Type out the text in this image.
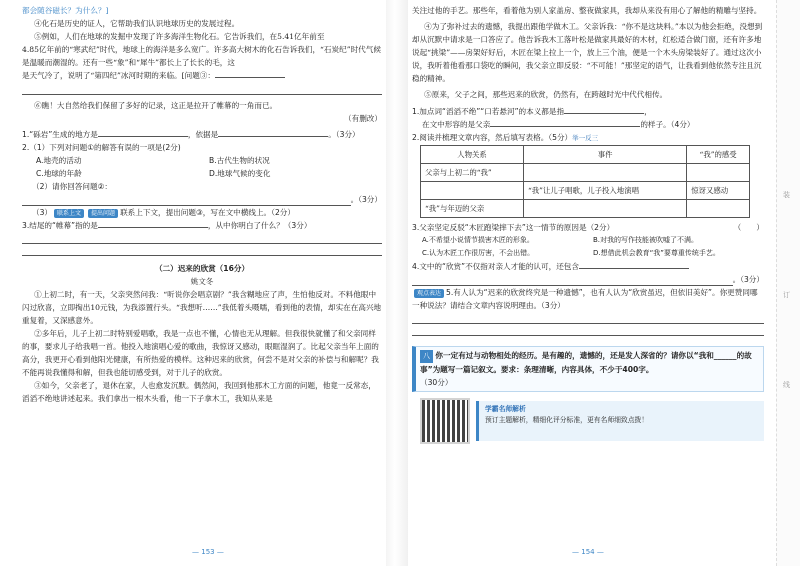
装
订
线

都会随谷磁长？为什么？]

④化石是历史的证人，它帮助我们认识地球历史的发展过程。

⑤例如，人们在地球的发掘中发现了许多海洋生物化石。它告诉我们，在5.41亿年前至

4.85亿年前的“寒武纪”时代，地球上的海洋是多么宽广。许多高大树木的化石告诉我们，“石炭纪”时代气候是温暖而潮湿的。还有一些“象”和“犀牛”都长上了长长的毛，这

是天气冷了，说明了“第四纪”冰河时期的来临。[问题③：

⑥瞧！大自然给我们保留了多好的记录，这正是拉开了帷幕的一角而已。

（有删改）

1.“砾岩”生成的地方是	，依据是	。（3分）

2.（1）下列对问题①的解答有误的一项是(2分)

A.地壳的活动	B.古代生物的状况
C.地球的年龄	D.地球气候的变化

（2）请你回答问题②：

。（3分）

（3） 联系上文 提出问题 联系上下文，提出问题③，写在文中横线上。（2分）

3.结尾的“帷幕”指的是	，从中你明白了什么？（3分）

（二）迟来的欣赏（16分）

姚文冬

①上初二时，有一天，父亲突然问我：“听说你会唱京剧？”我含糊地应了声，生怕他反对。不料他眼中闪过欣喜，立即掏出10元钱，为我添置行头。“我想听……”我低着头嗫嚅，看到他的表情，却实在在高兴地重复着，又深感意外。

②多年后，儿子上初二时特别爱唱歌，我是一点也不懂，心情也无从理解。但我很快就懂了和父亲同样的事，要求儿子给我唱一首。他投入地演唱心爱的歌曲，我惊讶又感动，眼眶湿润了。比起父亲当年上面的高分，我更开心看到他阳光健康，有所热爱的模样。这种迟来的欣赏，何尝不是对父亲的补偿与和解呢？我不能再说我懂得和解，但我也能切感受到，对于儿子的欣赏。

③如今，父亲老了，退休在家，人也愈发沉默。偶然间，我回到他那木工方面的问题，他竟一反常态，滔滔不绝地讲述起来。我们拿出一根木头看，他一下子拿木工，我知从来是

— 153 —

关注过他的手艺。那些年，看着他为别人家盖房、整夜做家具，我却从来没有用心了解他的精雕与坚持。

④为了弥补过去的遗憾，我提出跟他学做木工。父亲诉我：“你不是这块料。”本以为他会拒绝，没想到却从沉默中请求是一口答应了。他告诉我木工落叶松是做家具最好的木材，红松适合做门窗，还有许多地说起“挑梁”——房架好好后，木匠在梁上拉上一个，放上三个油，便是一个木头房梁装好了。通过这次小说，我听着他看那口袋吃的瞬间，我父亲立即反驳：“不可能！”那坚定的语气，让我看到他依然专注且沉稳的精神。

⑤原来，父子之间，那些迟来的欣赏，仍然有，在跨越时光中代代相传。

1.加点词“滔滔不绝”“口若悬河”的本义都是指	，

在文中形容的是父亲	的样子。（4分）

2.阅读并梳理文章内容，然后填写表格。（5分）举一反三

人物关系	事件	“我”的感受
父亲与上初二的“我”		
	“我”让儿子唱歌，儿子投入地演唱	惊讶又感动
“我”与年迈的父亲		

3.父亲坚定反驳“木匠跑梁摔下去”这一情节的原因是（2分）	（　　）

A.不希望小说情节损害木匠的形象。	B.对我的写作技能被吹嘘了不满。
C.认为木匠工作很厉害，不会出错。	D.想借此机会教育“我”要尊重传统手艺。

4.文中的“欣赏”不仅指对亲人才能的认可，还包含

。（3分）

观点表达 5.有人认为“迟来的欣赏终究是一种遗憾”，也有人认为“欣赏虽迟，但依旧美好”。你更赞同哪一种说法？请结合文章内容说明理由。（3分）

八 你一定有过与动物相处的经历。是有趣的，遗憾的，还是发人深省的？请你以“我和______的故事”为题写一篇记叙文。要求：条理清晰，内容具体，不少于400字。

（30分）

学霸名师解析
预订主题解析，精细化评分标准，更有名师细致点拨！
— 154 —
